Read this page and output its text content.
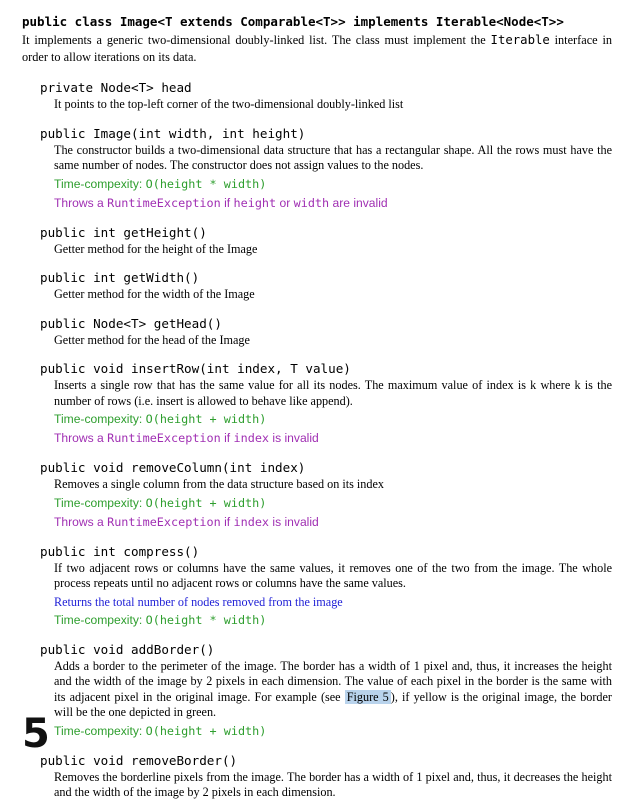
public class Image<T extends Comparable<T>> implements Iterable<Node<T>>

It implements a generic two-dimensional doubly-linked list. The class must implement the Iterable interface in order to allow iterations on its data.

private Node<T> head

It points to the top-left corner of the two-dimensional doubly-linked list

public Image(int width, int height)

The constructor builds a two-dimensional data structure that has a rectangular shape. All the rows must have the same number of nodes. The constructor does not assign values to the nodes.

Time-compexity: O(height * width)

Throws a RuntimeException if height or width are invalid

public int getHeight()

Getter method for the height of the Image

public int getWidth()

Getter method for the width of the Image

public Node<T> getHead()

Getter method for the head of the Image

public void insertRow(int index, T value)

Inserts a single row that has the same value for all its nodes. The maximum value of index is k where k is the number of rows (i.e. insert is allowed to behave like append).

Time-compexity: O(height + width)

Throws a RuntimeException if index is invalid

public void removeColumn(int index)

Removes a single column from the data structure based on its index

Time-compexity: O(height + width)

Throws a RuntimeException if index is invalid

public int compress()

If two adjacent rows or columns have the same values, it removes one of the two from the image. The whole process repeats until no adjacent rows or columns have the same values.

Returns the total number of nodes removed from the image

Time-compexity: O(height * width)

public void addBorder()

Adds a border to the perimeter of the image. The border has a width of 1 pixel and, thus, it increases the height and the width of the image by 2 pixels in each dimension. The value of each pixel in the border is the same with its adjacent pixel in the original image. For example (see Figure 5 ), if yellow is the original image, the border will be the one depicted in green.

Time-compexity: O(height + width)

public void removeBorder()

Removes the borderline pixels from the image. The border has a width of 1 pixel and, thus, it decreases the height and the width of the image by 2 pixels in each dimension.

5
